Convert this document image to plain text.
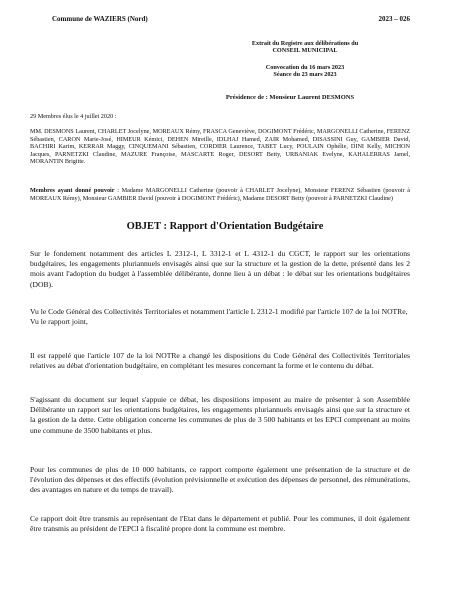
Commune de WAZIERS (Nord)	2023 – 026
Extrait du Registre aux délibérations du
CONSEIL MUNICIPAL
Convocation du 16 mars 2023
Séance du 23 mars 2023
Présidence de : Monsieur Laurent DESMONS
29 Membres élus le 4 juillet 2020 :
MM. DESMONS Laurent, CHARLET Jocelyne, MOREAUX Rémy, FRASCA Geneviève, DOGIMONT Frédéric, MARGONELLI Catherine, FERENZ Sébastien, CARON Marie-José, HIMEUR Kémici, DEHEN Mireille, IDLHAJ Hamed, ZAIR Mohamed, DISASSINI Guy, GAMBIER David, BACHIRI Karim, KERRAR Maggy, CINQUEMANI Sébastien, CORDIER Laurence, TABET Lucy, POULAIN Ophélie, DINI Kelly, MICHON Jacques, PARNETZKI Claudine, MAZURE Françoise, MASCARTE Roger, DESORT Betty, URBANIAK Evelyne, KAHALERRAS Jamel, MORANTIN Brigitte.
Membres ayant donné pouvoir : Madame MARGONELLI Catherine (pouvoir à CHARLET Jocelyne), Monsieur FERENZ Sébastien (pouvoir à MOREAUX Rémy), Monsieur GAMBIER David (pouvoir à DOGIMONT Frédéric), Madame DESORT Betty (pouvoir à PARNETZKI Claudine)
OBJET : Rapport d'Orientation Budgétaire

Sur le fondement notamment des articles L 2312-1, L 3312-1 et L 4312-1 du CGCT, le rapport sur les orientations budgétaires, les engagements pluriannuels envisagés ainsi que sur la structure et la gestion de la dette, présenté dans les 2 mois avant l'adoption du budget à l'assemblée délibérante, donne lieu à un débat : le débat sur les orientations budgétaires (DOB).

Vu le Code Général des Collectivités Territoriales et notamment l'article L 2312-1 modifié par l'article 107 de la loi NOTRe,

Vu le rapport joint,

Il est rappelé que l'article 107 de la loi NOTRe a changé les dispositions du Code Général des Collectivités Territoriales relatives au débat d'orientation budgétaire, en complétant les mesures concernant la forme et le contenu du débat.

S'agissant du document sur lequel s'appuie ce débat, les dispositions imposent au maire de présenter à son Assemblée Délibérante un rapport sur les orientations budgétaires, les engagements pluriannuels envisagés ainsi que sur la structure et la gestion de la dette. Cette obligation concerne les communes de plus de 3 500 habitants et les EPCI comprenant au moins une commune de 3500 habitants et plus.

Pour les communes de plus de 10 000 habitants, ce rapport comporte également une présentation de la structure et de l'évolution des dépenses et des effectifs (évolution prévisionnelle et exécution des dépenses de personnel, des rémunérations, des avantages en nature et du temps de travail).

Ce rapport doit être transmis au représentant de l'Etat dans le département et publié. Pour les communes, il doit également être transmis au président de l'EPCI à fiscalité propre dont la commune est membre.
